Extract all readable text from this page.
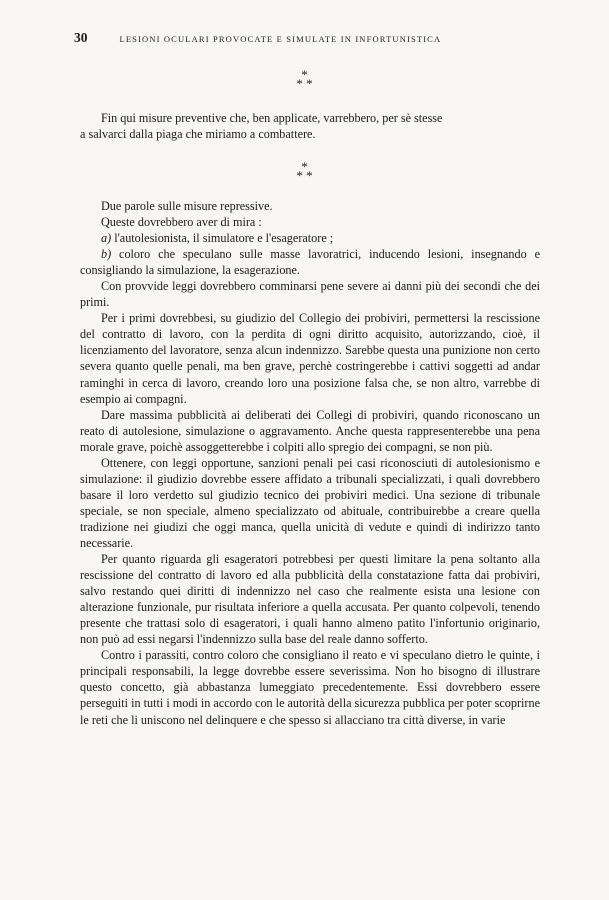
30	LESIONI OCULARI PROVOCATE E SIMULATE IN INFORTUNISTICA
*
* *

Fin qui misure preventive che, ben applicate, varrebbero, per sè stesse

a salvarci dalla piaga che miriamo a combattere.

*
* *

Due parole sulle misure repressive.

Queste dovrebbero aver di mira :

a) l'autolesionista, il simulatore e l'esageratore ;

b) coloro che speculano sulle masse lavoratrici, inducendo lesioni, insegnando e consigliando la simulazione, la esagerazione.

Con provvide leggi dovrebbero comminarsi pene severe ai danni più dei secondi che dei primi.

Per i primi dovrebbesi, su giudizio del Collegio dei probiviri, permettersi la rescissione del contratto di lavoro, con la perdita di ogni diritto acquisito, autorizzando, cioè, il licenziamento del lavoratore, senza alcun indennizzo. Sarebbe questa una punizione non certo severa quanto quelle penali, ma ben grave, perchè costringerebbe i cattivi soggetti ad andar raminghi in cerca di lavoro, creando loro una posizione falsa che, se non altro, varrebbe di esempio ai compagni.

Dare massima pubblicità ai deliberati dei Collegi di probiviri, quando riconoscano un reato di autolesione, simulazione o aggravamento. Anche questa rappresenterebbe una pena morale grave, poichè assoggetterebbe i colpiti allo spregio dei compagni, se non più.

Ottenere, con leggi opportune, sanzioni penali pei casi riconosciuti di autolesionismo e simulazione: il giudizio dovrebbe essere affidato a tribunali specializzati, i quali dovrebbero basare il loro verdetto sul giudizio tecnico dei probiviri medici. Una sezione di tribunale speciale, se non speciale, almeno specializzato od abituale, contribuirebbe a creare quella tradizione nei giudizi che oggi manca, quella unicità di vedute e quindi di indirizzo tanto necessarie.

Per quanto riguarda gli esageratori potrebbesi per questi limitare la pena soltanto alla rescissione del contratto di lavoro ed alla pubblicità della constatazione fatta dai probiviri, salvo restando quei diritti di indennizzo nel caso che realmente esista una lesione con alterazione funzionale, pur risultata inferiore a quella accusata. Per quanto colpevoli, tenendo presente che trattasi solo di esageratori, i quali hanno almeno patito l'infortunio originario, non può ad essi negarsi l'indennizzo sulla base del reale danno sofferto.

Contro i parassiti, contro coloro che consigliano il reato e vi speculano dietro le quinte, i principali responsabili, la legge dovrebbe essere severissima. Non ho bisogno di illustrare questo concetto, già abbastanza lumeggiato precedentemente. Essi dovrebbero essere perseguiti in tutti i modi in accordo con le autorità della sicurezza pubblica per poter scoprirne le reti che li uniscono nel delinquere e che spesso si allacciano tra città diverse, in varie
